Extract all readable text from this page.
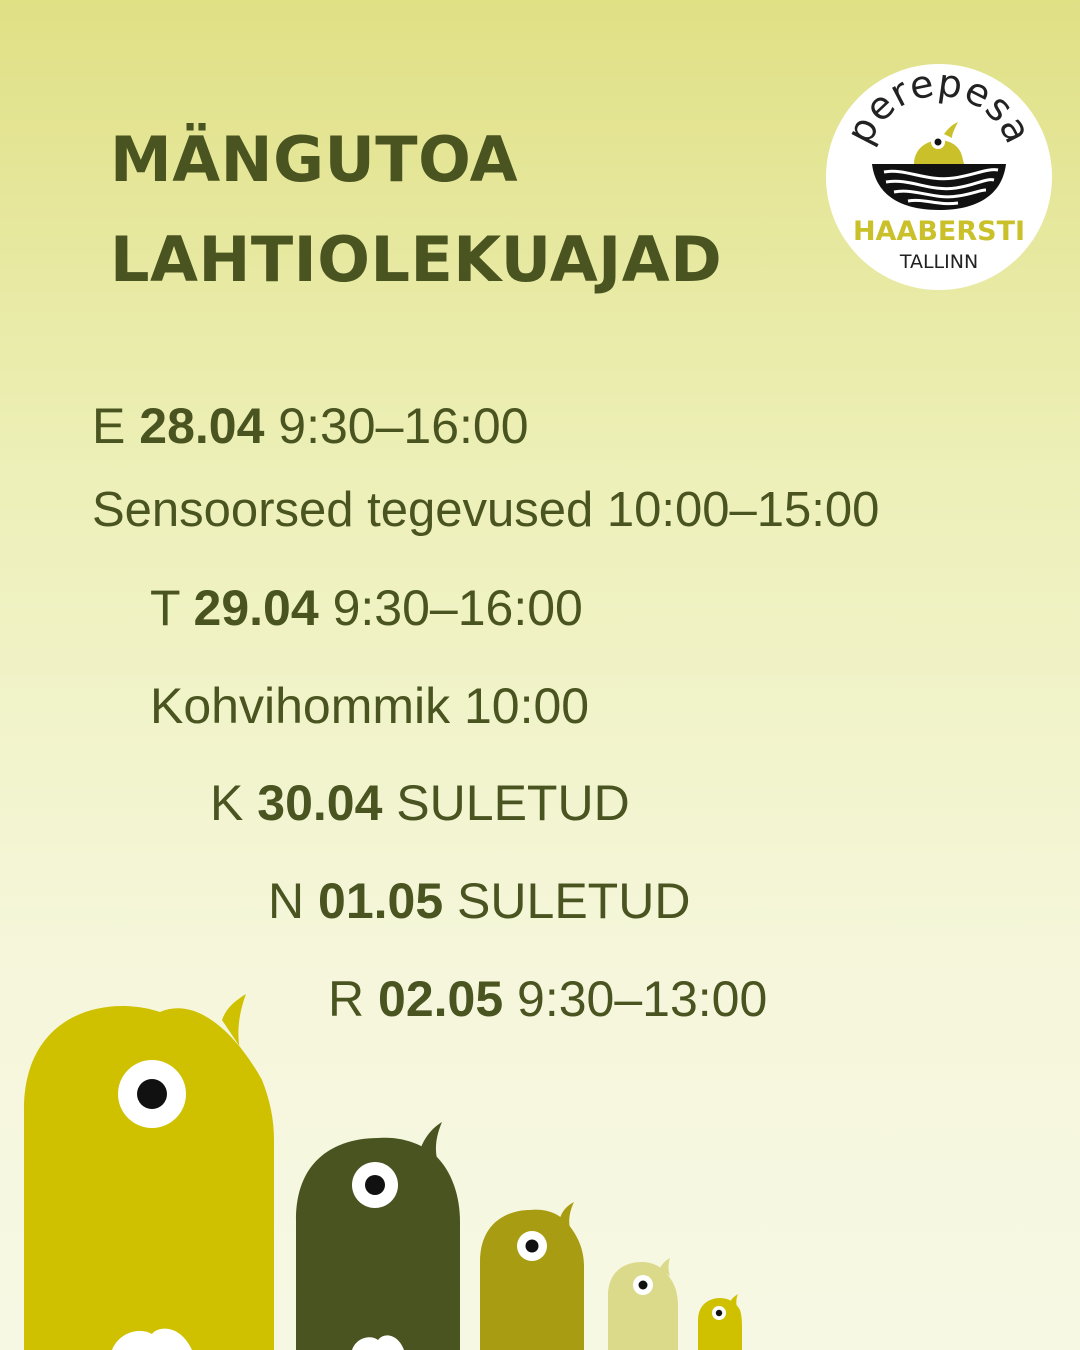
MÄNGUTOA
LAHTIOLEKUAJAD
perepesa
HAABERSTI
TALLINN
E 28.04 9:30–16:00
Sensoorsed tegevused 10:00–15:00
T 29.04 9:30–16:00
Kohvihommik 10:00
K 30.04 SULETUD
N 01.05 SULETUD
R 02.05 9:30–13:00
